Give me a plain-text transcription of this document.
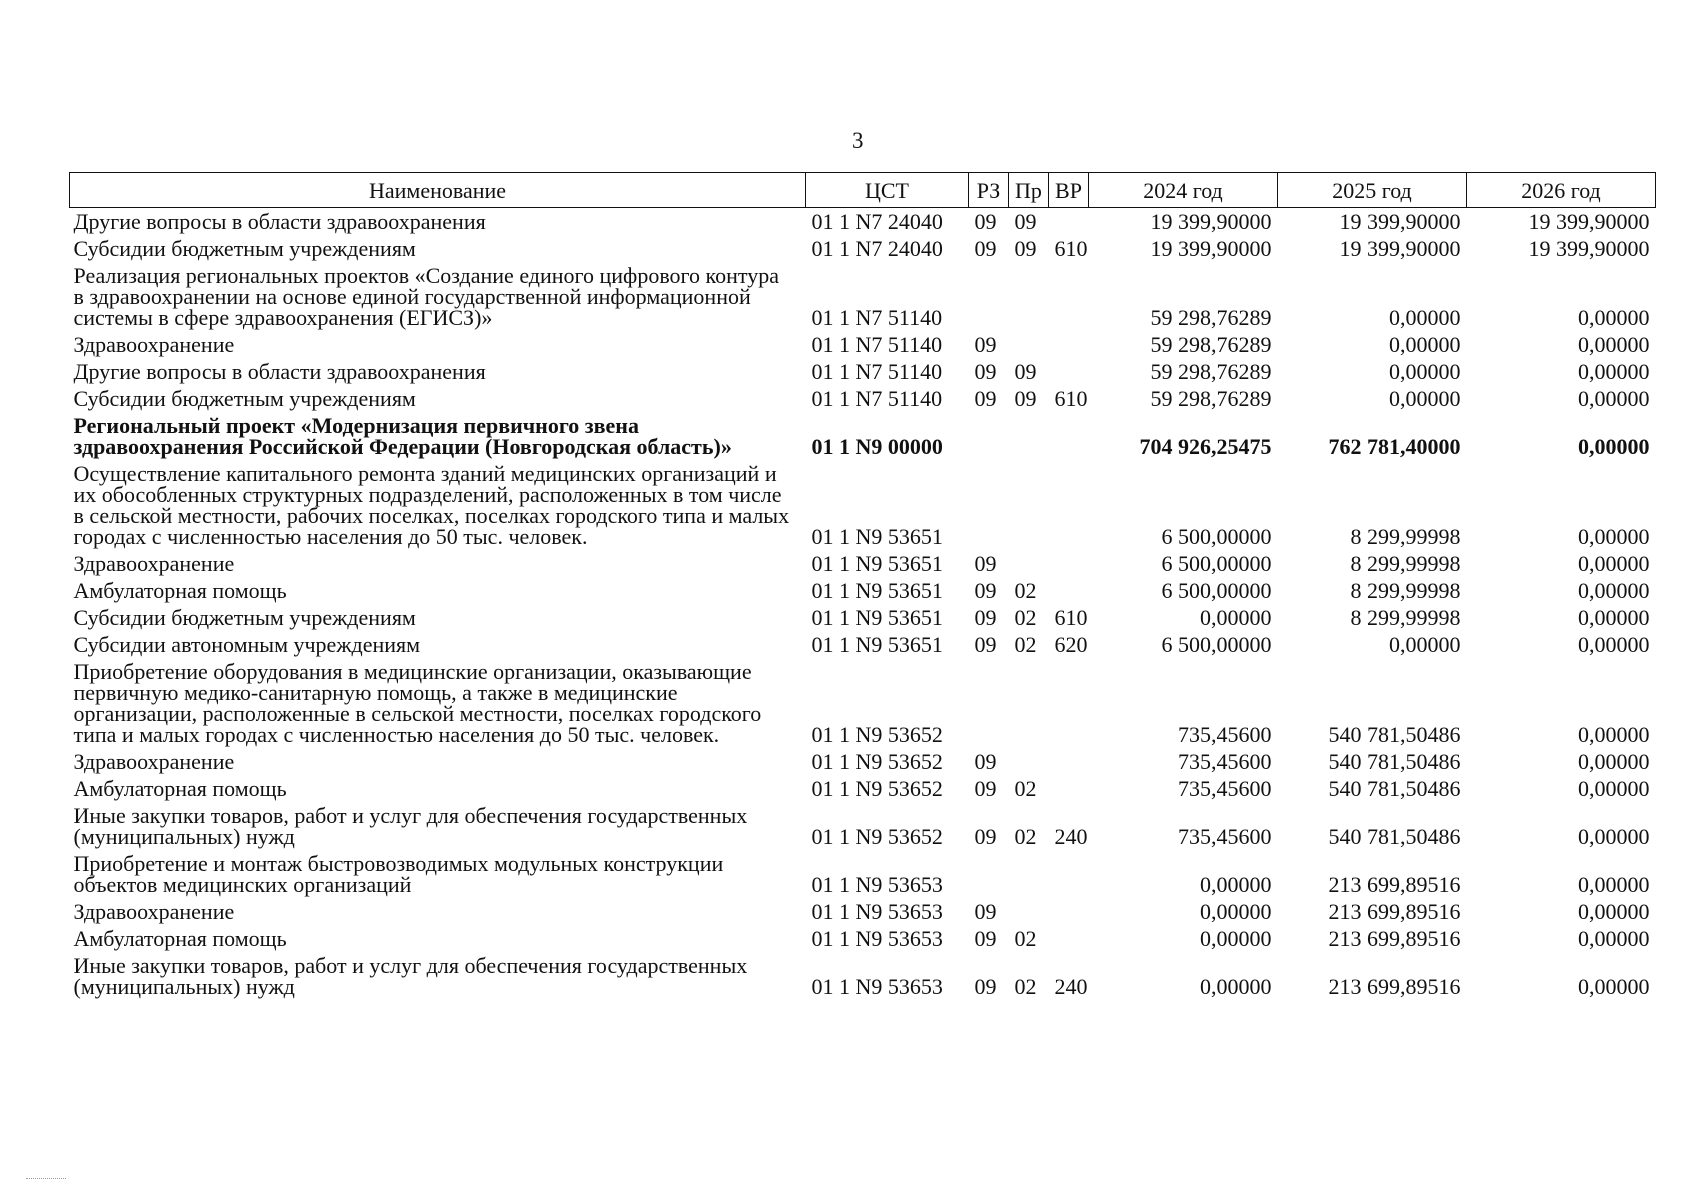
3
Наименование	ЦСТ	РЗ	Пр	ВР	2024 год	2025 год	2026 год
Другие вопросы в области здравоохранения	01 1 N7 24040	09	09		19 399,90000	19 399,90000	19 399,90000
Субсидии бюджетным учреждениям	01 1 N7 24040	09	09	610	19 399,90000	19 399,90000	19 399,90000
Реализация региональных проектов «Создание единого цифрового контура в здравоохранении на основе единой государственной информационной системы в сфере здравоохранения (ЕГИСЗ)»	01 1 N7 51140				59 298,76289	0,00000	0,00000
Здравоохранение	01 1 N7 51140	09			59 298,76289	0,00000	0,00000
Другие вопросы в области здравоохранения	01 1 N7 51140	09	09		59 298,76289	0,00000	0,00000
Субсидии бюджетным учреждениям	01 1 N7 51140	09	09	610	59 298,76289	0,00000	0,00000
Региональный проект «Модернизация первичного звена здравоохранения Российской Федерации (Новгородская область)»	01 1 N9 00000				704 926,25475	762 781,40000	0,00000
Осуществление капитального ремонта зданий медицинских организаций и их обособленных структурных подразделений, расположенных в том числе в сельской местности, рабочих поселках, поселках городского типа и малых городах с численностью населения до 50 тыс. человек.	01 1 N9 53651				6 500,00000	8 299,99998	0,00000
Здравоохранение	01 1 N9 53651	09			6 500,00000	8 299,99998	0,00000
Амбулаторная помощь	01 1 N9 53651	09	02		6 500,00000	8 299,99998	0,00000
Субсидии бюджетным учреждениям	01 1 N9 53651	09	02	610	0,00000	8 299,99998	0,00000
Субсидии автономным учреждениям	01 1 N9 53651	09	02	620	6 500,00000	0,00000	0,00000
Приобретение оборудования в медицинские организации, оказывающие первичную медико-санитарную помощь, а также в медицинские организации, расположенные в сельской местности, поселках городского типа и малых городах с численностью населения до 50 тыс. человек.	01 1 N9 53652				735,45600	540 781,50486	0,00000
Здравоохранение	01 1 N9 53652	09			735,45600	540 781,50486	0,00000
Амбулаторная помощь	01 1 N9 53652	09	02		735,45600	540 781,50486	0,00000
Иные закупки товаров, работ и услуг для обеспечения государственных (муниципальных) нужд	01 1 N9 53652	09	02	240	735,45600	540 781,50486	0,00000
Приобретение и монтаж быстровозводимых модульных конструкции объектов медицинских организаций	01 1 N9 53653				0,00000	213 699,89516	0,00000
Здравоохранение	01 1 N9 53653	09			0,00000	213 699,89516	0,00000
Амбулаторная помощь	01 1 N9 53653	09	02		0,00000	213 699,89516	0,00000
Иные закупки товаров, работ и услуг для обеспечения государственных (муниципальных) нужд	01 1 N9 53653	09	02	240	0,00000	213 699,89516	0,00000
